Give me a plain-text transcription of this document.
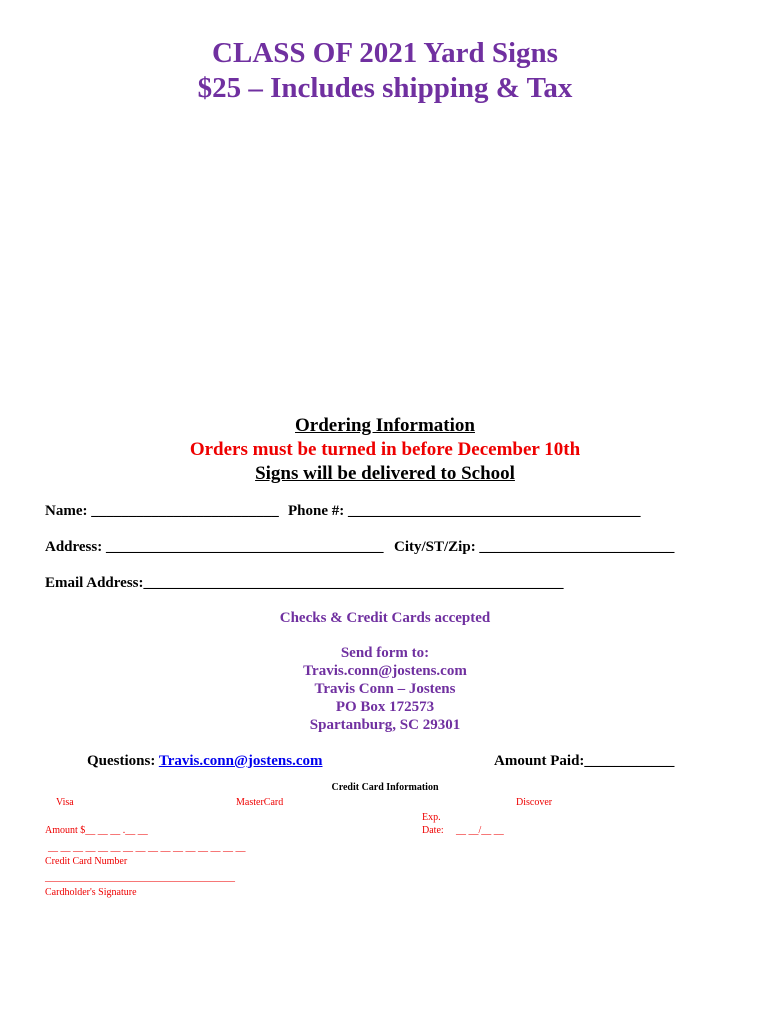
CLASS OF 2021 Yard Signs
$25 – Includes shipping & Tax
Ordering Information
Orders must be turned in before December 10th
Signs will be delivered to School
Name: _________________________ Phone #: _______________________________________
Address: _____________________________________ City/ST/Zip: __________________________
Email Address:________________________________________________________
Checks & Credit Cards accepted
Send form to:
Travis.conn@jostens.com
Travis Conn – Jostens
PO Box 172573
Spartanburg, SC 29301
Questions: Travis.conn@jostens.com	Amount Paid:____________
Credit Card Information
Visa	MasterCard	Discover
Exp.
Amount $__ __ __ .__ __	Date: __ __/__ __
__ __ __ __ __ __ __ __ __ __ __ __ __ __ __ __
Credit Card Number
______________________________________
Cardholder's Signature
